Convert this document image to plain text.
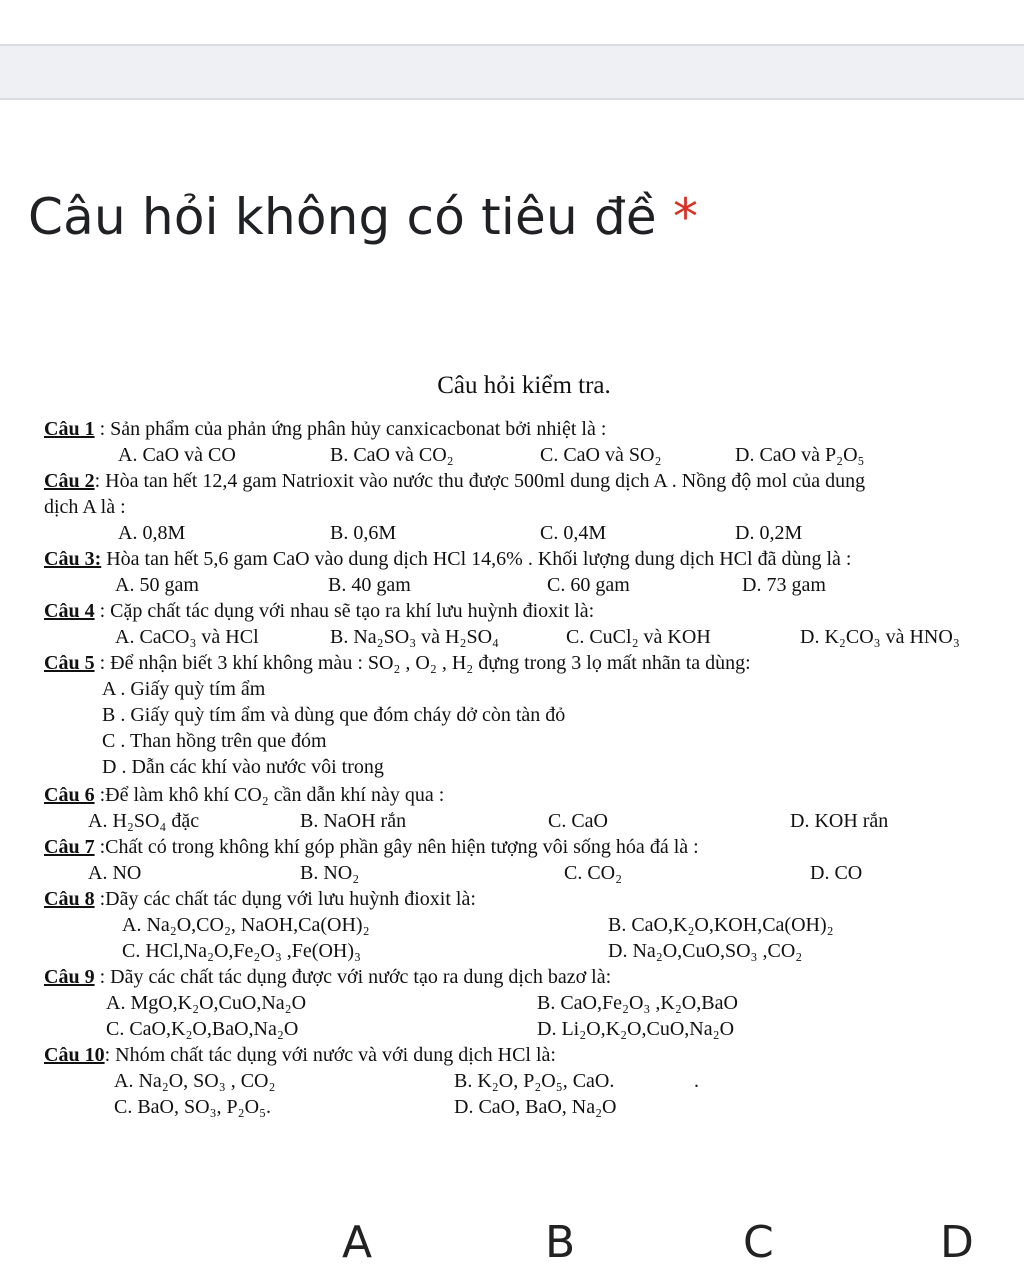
Câu hỏi không có tiêu đề *
Câu hỏi kiểm tra.
Câu 1 : Sản phẩm của phản ứng phân hủy canxicacbonat bởi nhiệt là :
A. CaO và CO	B. CaO và CO₂	C. CaO và SO₂	D. CaO và P₂O₅
Câu 2: Hòa tan hết 12,4 gam Natrioxit vào nước thu được 500ml dung dịch A . Nồng độ mol của dung
dịch A là :
A. 0,8M	B. 0,6M	C. 0,4M	D. 0,2M
Câu 3: Hòa tan hết 5,6 gam CaO vào dung dịch HCl 14,6% . Khối lượng dung dịch HCl đã dùng là :
A. 50 gam	B. 40 gam	C. 60 gam	D. 73 gam
Câu 4 : Cặp chất tác dụng với nhau sẽ tạo ra khí lưu huỳnh đioxit là:
A. CaCO₃ và HCl	B. Na₂SO₃ và H₂SO₄	C. CuCl₂ và KOH	D. K₂CO₃ và HNO₃
Câu 5 : Để nhận biết 3 khí không màu : SO₂ , O₂ , H₂ đựng trong 3 lọ mất nhãn ta dùng:
A . Giấy quỳ tím ẩm
B . Giấy quỳ tím ẩm và dùng que đóm cháy dở còn tàn đỏ
C . Than hồng trên que đóm
D . Dẫn các khí vào nước vôi trong
Câu 6 :Để làm khô khí CO₂ cần dẫn khí này qua :
A. H₂SO₄ đặc	B. NaOH rắn	C. CaO	D. KOH rắn
Câu 7 :Chất có trong không khí góp phần gây nên hiện tượng vôi sống hóa đá là :
A. NO	B. NO₂	C. CO₂	D. CO
Câu 8 :Dãy các chất tác dụng với lưu huỳnh đioxit là:
A. Na₂O,CO₂, NaOH,Ca(OH)₂	B. CaO,K₂O,KOH,Ca(OH)₂
C. HCl,Na₂O,Fe₂O₃ ,Fe(OH)₃	D. Na₂O,CuO,SO₃ ,CO₂
Câu 9 : Dãy các chất tác dụng được với nước tạo ra dung dịch bazơ là:
A. MgO,K₂O,CuO,Na₂O	B. CaO,Fe₂O₃ ,K₂O,BaO
C. CaO,K₂O,BaO,Na₂O	D. Li₂O,K₂O,CuO,Na₂O
Câu 10: Nhóm chất tác dụng với nước và với dung dịch HCl là:
A. Na₂O, SO₃ , CO₂	B. K₂O, P₂O₅, CaO.	.
C. BaO, SO₃, P₂O₅.	D. CaO, BaO, Na₂O
A	B	C	D
